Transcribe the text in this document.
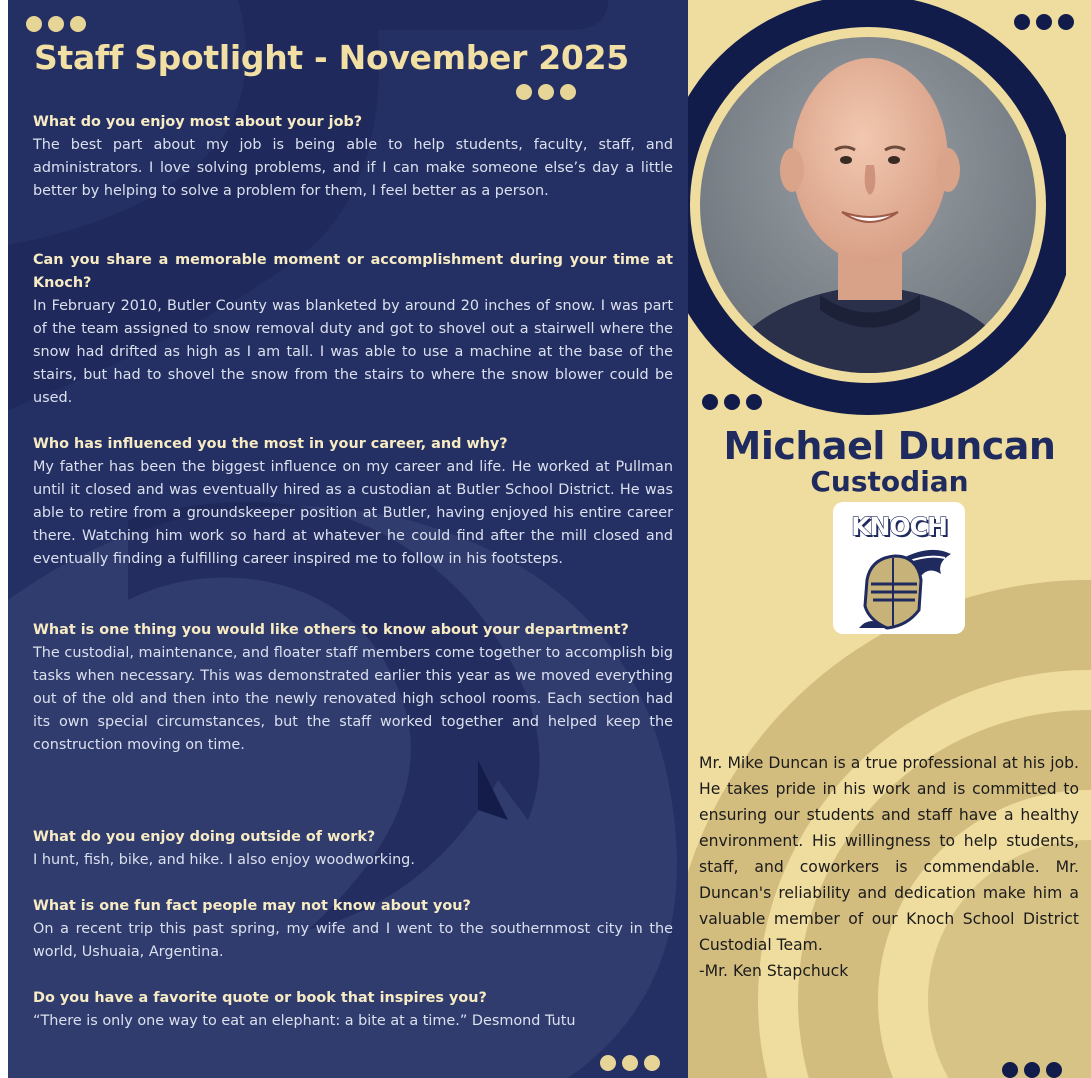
Staff Spotlight - November 2025
What do you enjoy most about your job?
The best part about my job is being able to help students, faculty, staff, and administrators. I love solving problems, and if I can make someone else’s day a little better by helping to solve a problem for them, I feel better as a person.
Can you share a memorable moment or accomplishment during your time at Knoch?
In February 2010, Butler County was blanketed by around 20 inches of snow. I was part of the team assigned to snow removal duty and got to shovel out a stairwell where the snow had drifted as high as I am tall. I was able to use a machine at the base of the stairs, but had to shovel the snow from the stairs to where the snow blower could be used.
Who has influenced you the most in your career, and why?
My father has been the biggest influence on my career and life. He worked at Pullman until it closed and was eventually hired as a custodian at Butler School District. He was able to retire from a groundskeeper position at Butler, having enjoyed his entire career there. Watching him work so hard at whatever he could find after the mill closed and eventually finding a fulfilling career inspired me to follow in his footsteps.
What is one thing you would like others to know about your department?
The custodial, maintenance, and floater staff members come together to accomplish big tasks when necessary. This was demonstrated earlier this year as we moved everything out of the old and then into the newly renovated high school rooms. Each section had its own special circumstances, but the staff worked together and helped keep the construction moving on time.
What do you enjoy doing outside of work?
I hunt, fish, bike, and hike. I also enjoy woodworking.
What is one fun fact people may not know about you?
On a recent trip this past spring, my wife and I went to the southernmost city in the world, Ushuaia, Argentina.
Do you have a favorite quote or book that inspires you?
“There is only one way to eat an elephant: a bite at a time.” Desmond Tutu
Michael Duncan
Custodian
KNOCH
Mr. Mike Duncan is a true professional at his job. He takes pride in his work and is committed to ensuring our students and staff have a healthy environment. His willingness to help students, staff, and coworkers is commendable. Mr. Duncan's reliability and dedication make him a valuable member of our Knoch School District Custodial Team.
-Mr. Ken Stapchuck
